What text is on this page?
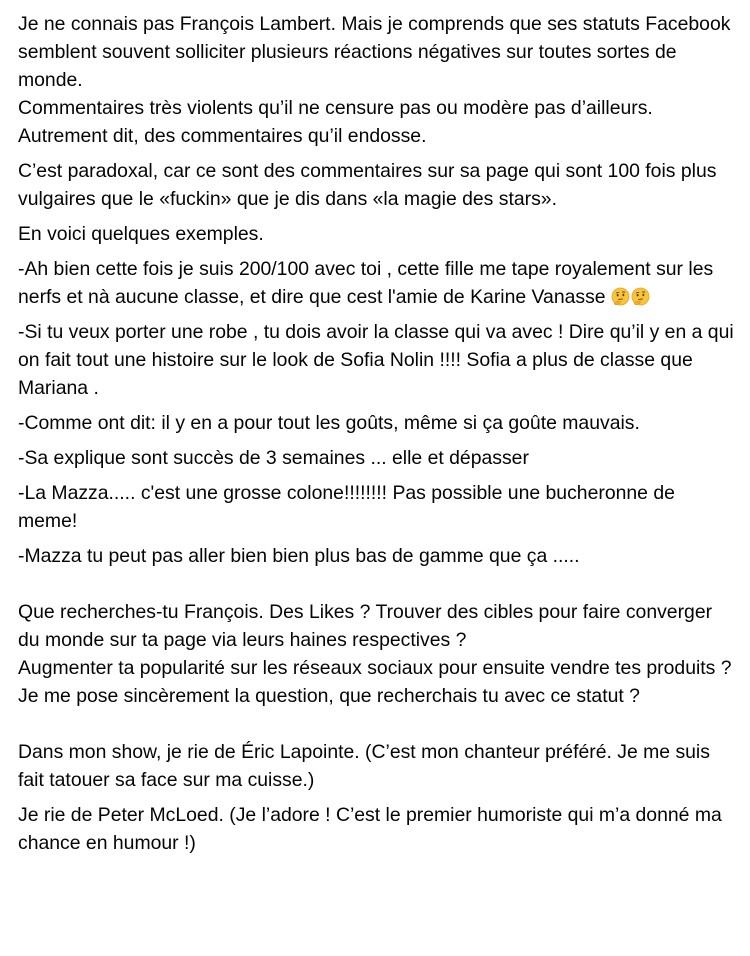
Je ne connais pas François Lambert. Mais je comprends que ses statuts Facebook semblent souvent solliciter plusieurs réactions négatives sur toutes sortes de monde.
Commentaires très violents qu’il ne censure pas ou modère pas d’ailleurs. Autrement dit, des commentaires qu’il endosse.

C’est paradoxal, car ce sont des commentaires sur sa page qui sont 100 fois plus vulgaires que le «fuckin» que je dis dans «la magie des stars».

En voici quelques exemples.

-Ah bien cette fois je suis 200/100 avec toi , cette fille me tape royalement sur les nerfs et nà aucune classe, et dire que cest l'amie de Karine Vanasse

-Si tu veux porter une robe , tu dois avoir la classe qui va avec ! Dire qu’il y en a qui on fait tout une histoire sur le look de Sofia Nolin !!!! Sofia a plus de classe que Mariana .

-Comme ont dit: il y en a pour tout les goûts, même si ça goûte mauvais.

-Sa explique sont succès de 3 semaines ... elle et dépasser

-La Mazza..... c'est une grosse colone!!!!!!!! Pas possible une bucheronne de meme!

-Mazza tu peut pas aller bien bien plus bas de gamme que ça .....

Que recherches-tu François. Des Likes ? Trouver des cibles pour faire converger du monde sur ta page via leurs haines respectives ?
Augmenter ta popularité sur les réseaux sociaux pour ensuite vendre tes produits ?
Je me pose sincèrement la question, que recherchais tu avec ce statut ?

Dans mon show, je rie de Éric Lapointe. (C’est mon chanteur préféré. Je me suis fait tatouer sa face sur ma cuisse.)

Je rie de Peter McLoed. (Je l’adore ! C’est le premier humoriste qui m’a donné ma chance en humour !)
